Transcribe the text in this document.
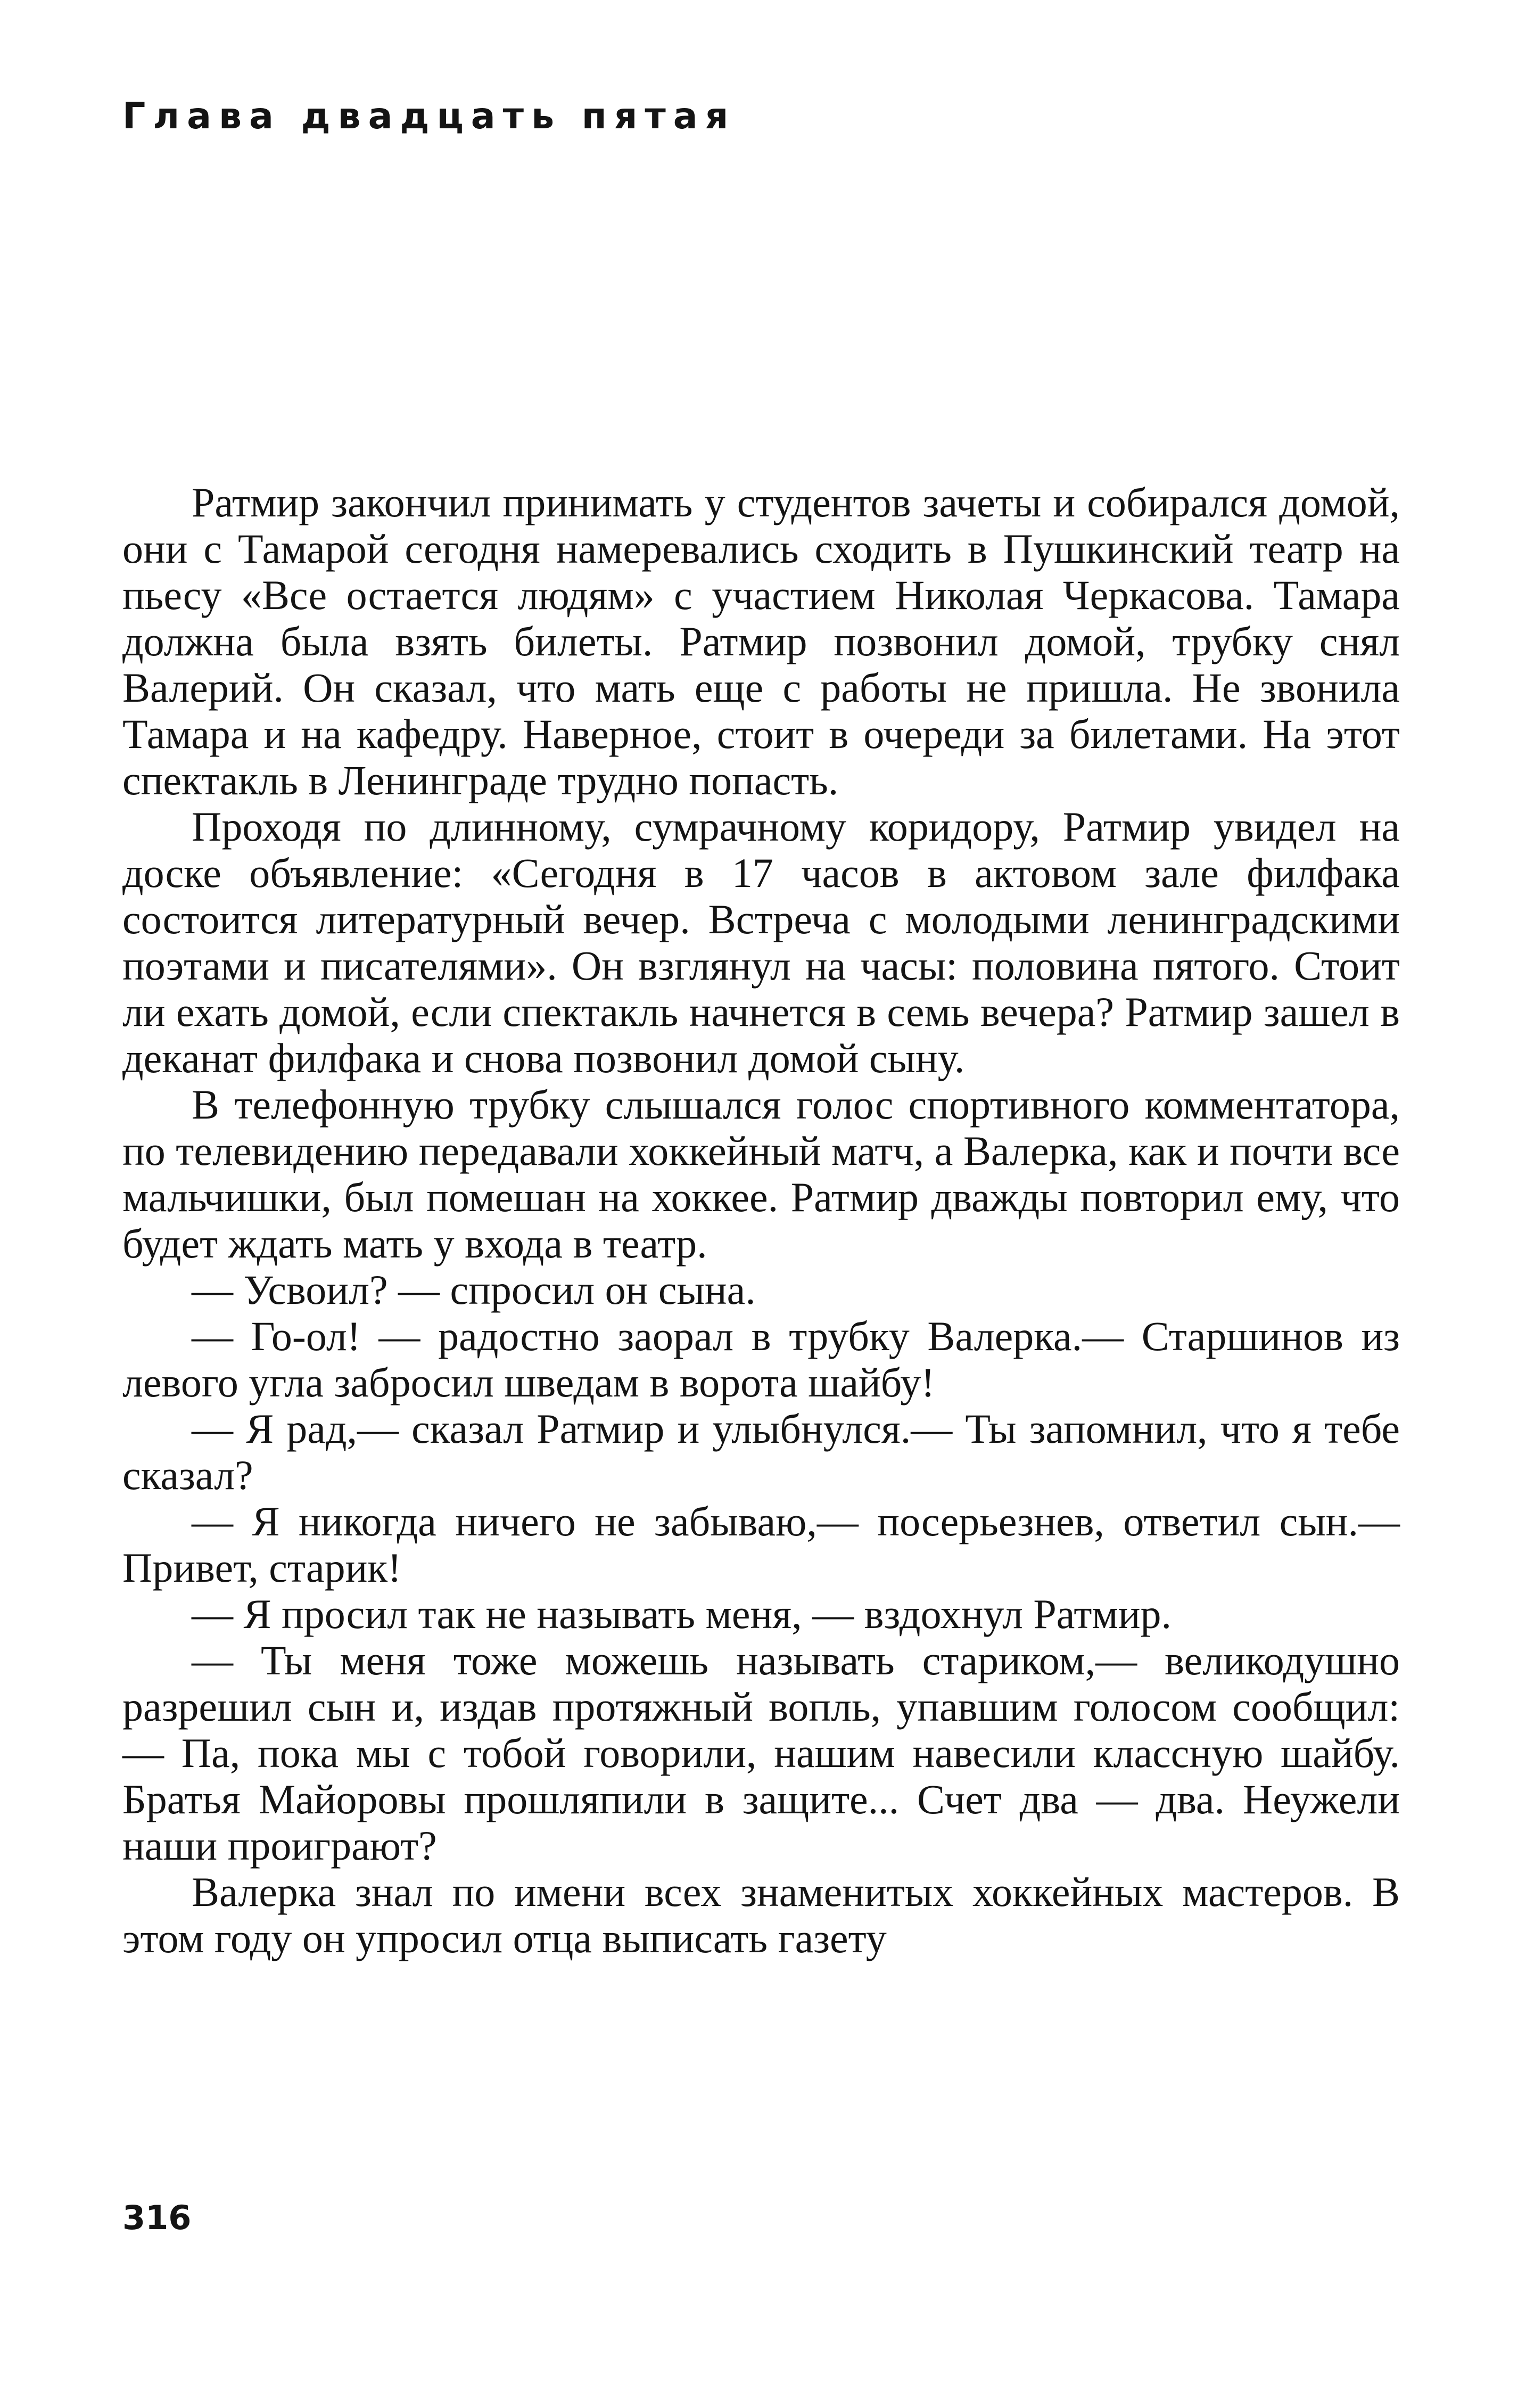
Глава двадцать пятая

Ратмир закончил принимать у студентов зачеты и собирался домой, они с Тамарой сегодня намеревались сходить в Пушкинский театр на пьесу «Все остается людям» с участием Николая Черкасова. Тамара должна была взять билеты. Ратмир позвонил домой, трубку снял Валерий. Он сказал, что мать еще с работы не пришла. Не звонила Тамара и на кафедру. Наверное, стоит в очереди за билетами. На этот спектакль в Ленинграде трудно попасть.

Проходя по длинному, сумрачному коридору, Ратмир увидел на доске объявление: «Сегодня в 17 часов в актовом зале филфака состоится литературный вечер. Встреча с молодыми ленинградскими поэтами и писателями». Он взглянул на часы: половина пятого. Стоит ли ехать домой, если спектакль начнется в семь вечера? Ратмир зашел в деканат филфака и снова позвонил домой сыну.

В телефонную трубку слышался голос спортивного комментатора, по телевидению передавали хоккейный матч, а Валерка, как и почти все мальчишки, был помешан на хоккее. Ратмир дважды повторил ему, что будет ждать мать у входа в театр.

— Усвоил? — спросил он сына.

— Го-ол! — радостно заорал в трубку Валерка.— Старшинов из левого угла забросил шведам в ворота шайбу!

— Я рад,— сказал Ратмир и улыбнулся.— Ты запомнил, что я тебе сказал?

— Я никогда ничего не забываю,— посерьезнев, ответил сын.— Привет, старик!

— Я просил так не называть меня, — вздохнул Ратмир.

— Ты меня тоже можешь называть стариком,— великодушно разрешил сын и, издав протяжный вопль, упавшим голосом сообщил: — Па, пока мы с тобой говорили, нашим навесили классную шайбу. Братья Майоровы прошляпили в защите... Счет два — два. Неужели наши проиграют?

Валерка знал по имени всех знаменитых хоккейных мастеров. В этом году он упросил отца выписать газету

316
